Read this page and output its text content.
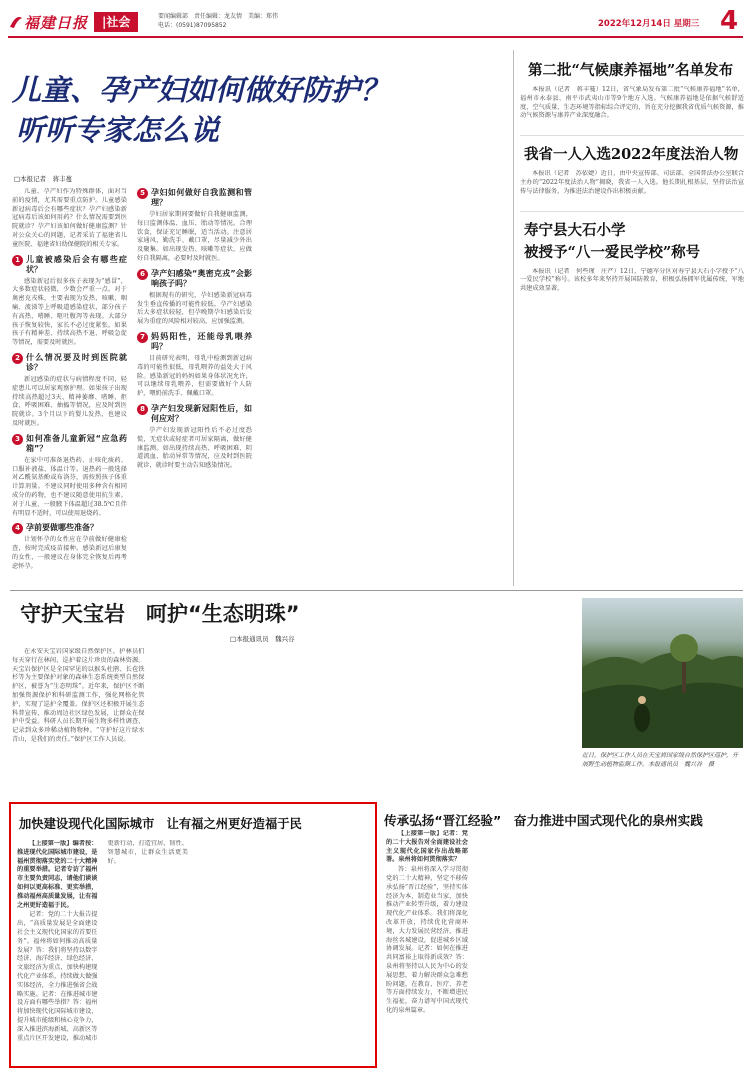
福建日报	|社会	要闻编辑部　责任编辑：龙友情　美编：郑伟
电话：(0591)87095852	2022年12月14日 星期三 4
儿童、孕产妇如何做好防护？
听听专家怎么说
□本报记者　蒋丰蔓

儿童、孕产妇作为特殊群体，面对当前的疫情，尤其需要重点防护。儿童感染新冠病毒后会有哪些症状？孕产妇感染新冠病毒后该如何用药？什么情况需要到医院就诊？孕产妇该如何做好健康监测？针对公众关心的问题，记者采访了福建省儿童医院、福建省妇幼保健院的相关专家。

1 儿童被感染后会有哪些症状？

感染新冠后很多孩子表现为“感冒”，大多数症状轻微，少数会严重一点。对于奥密克戎株，主要表现为发热、咳嗽、咽痛、流涕等上呼吸道感染症状，部分孩子有高热、嗜睡、呕吐腹泻等表现。大部分孩子恢复较快，家长不必过度紧张。如果孩子有精神差、持续高热不退、呼吸急促等情况，需要及时就医。

2 什么情况要及时到医院就诊？

新冠感染的症状与病情程度不同，轻症患儿可以居家观察护理。如果孩子出现持续高热超过3天、精神萎靡、嗜睡、拒食、呼吸困难、抽搐等情况，应及时到医院就诊。3个月以下的婴儿发热，也建议及时就医。

3 如何准备儿童新冠“应急药箱”？

在家中可准备退热药、止咳化痰药、口服补液盐、体温计等。退热药一般选择对乙酰氨基酚或布洛芬，需按照孩子体重计算剂量。不建议同时使用多种含有相同成分的药物，也不建议随意使用抗生素。对于儿童，一般腋下体温超过38.5℃且伴有明显不适时，可以使用退烧药。

4 孕前要做哪些准备？

计划怀孕的女性应在孕前做好健康检查，按时完成疫苗接种。感染新冠后康复的女性，一般建议在身体完全恢复后再考虑怀孕。

5 孕妇如何做好自我监测和管理？

孕妇居家期间要做好自我健康监测，每日监测体温、血压、胎动等情况。合理饮食，保证充足睡眠，适当活动。注意居家通风，勤洗手、戴口罩，尽量减少外出及聚集。如出现发热、咳嗽等症状，应做好自我隔离，必要时及时就医。

6 孕产妇感染“奥密克戎”会影响孩子吗？

根据现有的研究，孕妇感染新冠病毒发生垂直传播的可能性较低。孕产妇感染后大多症状较轻，但孕晚期孕妇感染后发展为重症的风险相对较高，应加强监测。

7 妈妈阳性，还能母乳喂养吗？

目前研究表明，母乳中检测到新冠病毒的可能性很低，母乳喂养的益处大于风险。感染新冠的妈妈如果身体状况允许，可以继续母乳喂养，但需要做好个人防护，喂奶前洗手、佩戴口罩。

8 孕产妇发现新冠阳性后，如何应对？

孕产妇发现新冠阳性后不必过度恐慌，无症状或轻症者可居家隔离，做好健康监测。如出现持续高热、呼吸困难、阴道流血、胎动异常等情况，应及时到医院就诊，就诊时要主动告知感染情况。

第二批“气候康养福地”名单发布

本报讯（记者　蒋丰蔓）12日，省气象局发布第二批“气候康养福地”名单，福州市永泰县、南平市武夷山市等9个地方入选。气候康养福地是依据气候舒适度、空气质量、生态环境等指标综合评定的，旨在充分挖掘我省优质气候资源，推动气候资源与康养产业深度融合。

我省一人入选2022年度法治人物

本报讯（记者　苏依婕）近日，由中央宣传部、司法部、全国普法办公室联合主办的“2022年度法治人物”揭晓，我省一人入选。他长期扎根基层，坚持法治宣传与法律服务，为推进法治建设作出积极贡献。

寿宁县大石小学
被授予“八一爱民学校”称号

本报讯（记者　何些瑾　庄严）12日，宁德军分区对寿宁县大石小学授予“八一爱民学校”称号。该校多年来坚持开展国防教育，积极弘扬拥军优属传统，军地共建成效显著。

守护天宝岩　呵护“生态明珠”
□本报通讯员　魏兴谷

在永安天宝岩国家级自然保护区，护林员们每天穿行在林间，巡护着这片珍贵的森林资源。天宝岩保护区是全国罕见的以猴头杜鹃、长苞铁杉等为主要保护对象的森林生态系统类型自然保护区，被誉为“生态明珠”。近年来，保护区不断加强资源保护和科研监测工作，强化网格化管护，实现了巡护全覆盖。保护区还积极开展生态科普宣传，推动周边社区绿色发展，让群众在保护中受益。科研人员长期开展生物多样性调查，记录到众多珍稀动植物物种。“守护好这片绿水青山，是我们的责任。”保护区工作人员说。

近日，保护区工作人员在天宝岩国家级自然保护区巡护，开展野生动植物监测工作。本报通讯员　魏兴谷　摄
加快建设现代化国际城市　让有福之州更好造福于民

【上接第一版】编者按：推进现代化国际城市建设，是福州贯彻落实党的二十大精神的重要举措。记者专访了福州市主要负责同志，请他们谈谈如何以更高标准、更实举措，推动福州高质量发展，让有福之州更好造福于民。

记者：党的二十大报告提出，“高质量发展是全面建设社会主义现代化国家的首要任务”。福州将如何推动高质量发展？答：我们将坚持以数字经济、海洋经济、绿色经济、文旅经济为重点，加快构建现代化产业体系，持续做大做强实体经济，全力推进强省会战略实施。记者：在推进城市建设方面有哪些举措？答：福州将加快现代化国际城市建设，提升城市能级和核心竞争力，深入推进滨海新城、高新区等重点片区开发建设，推动城市更新行动，打造宜居、韧性、智慧城市，让群众生活更美好。

传承弘扬“晋江经验”　奋力推进中国式现代化的泉州实践

【上接第一版】记者：党的二十大报告对全面建设社会主义现代化国家作出战略部署。泉州将如何贯彻落实？

答：泉州将深入学习贯彻党的二十大精神，坚定不移传承弘扬“晋江经验”，坚持实体经济为本、制造业当家，加快推动产业转型升级，着力建设现代化产业体系。我们将深化改革开放，持续优化营商环境，大力发展民营经济，推进海丝名城建设，促进城乡区域协调发展。记者：如何在推进共同富裕上取得新成效？答：泉州将坚持以人民为中心的发展思想，着力解决群众急难愁盼问题，在教育、医疗、养老等方面持续发力，不断增进民生福祉，奋力谱写中国式现代化的泉州篇章。
